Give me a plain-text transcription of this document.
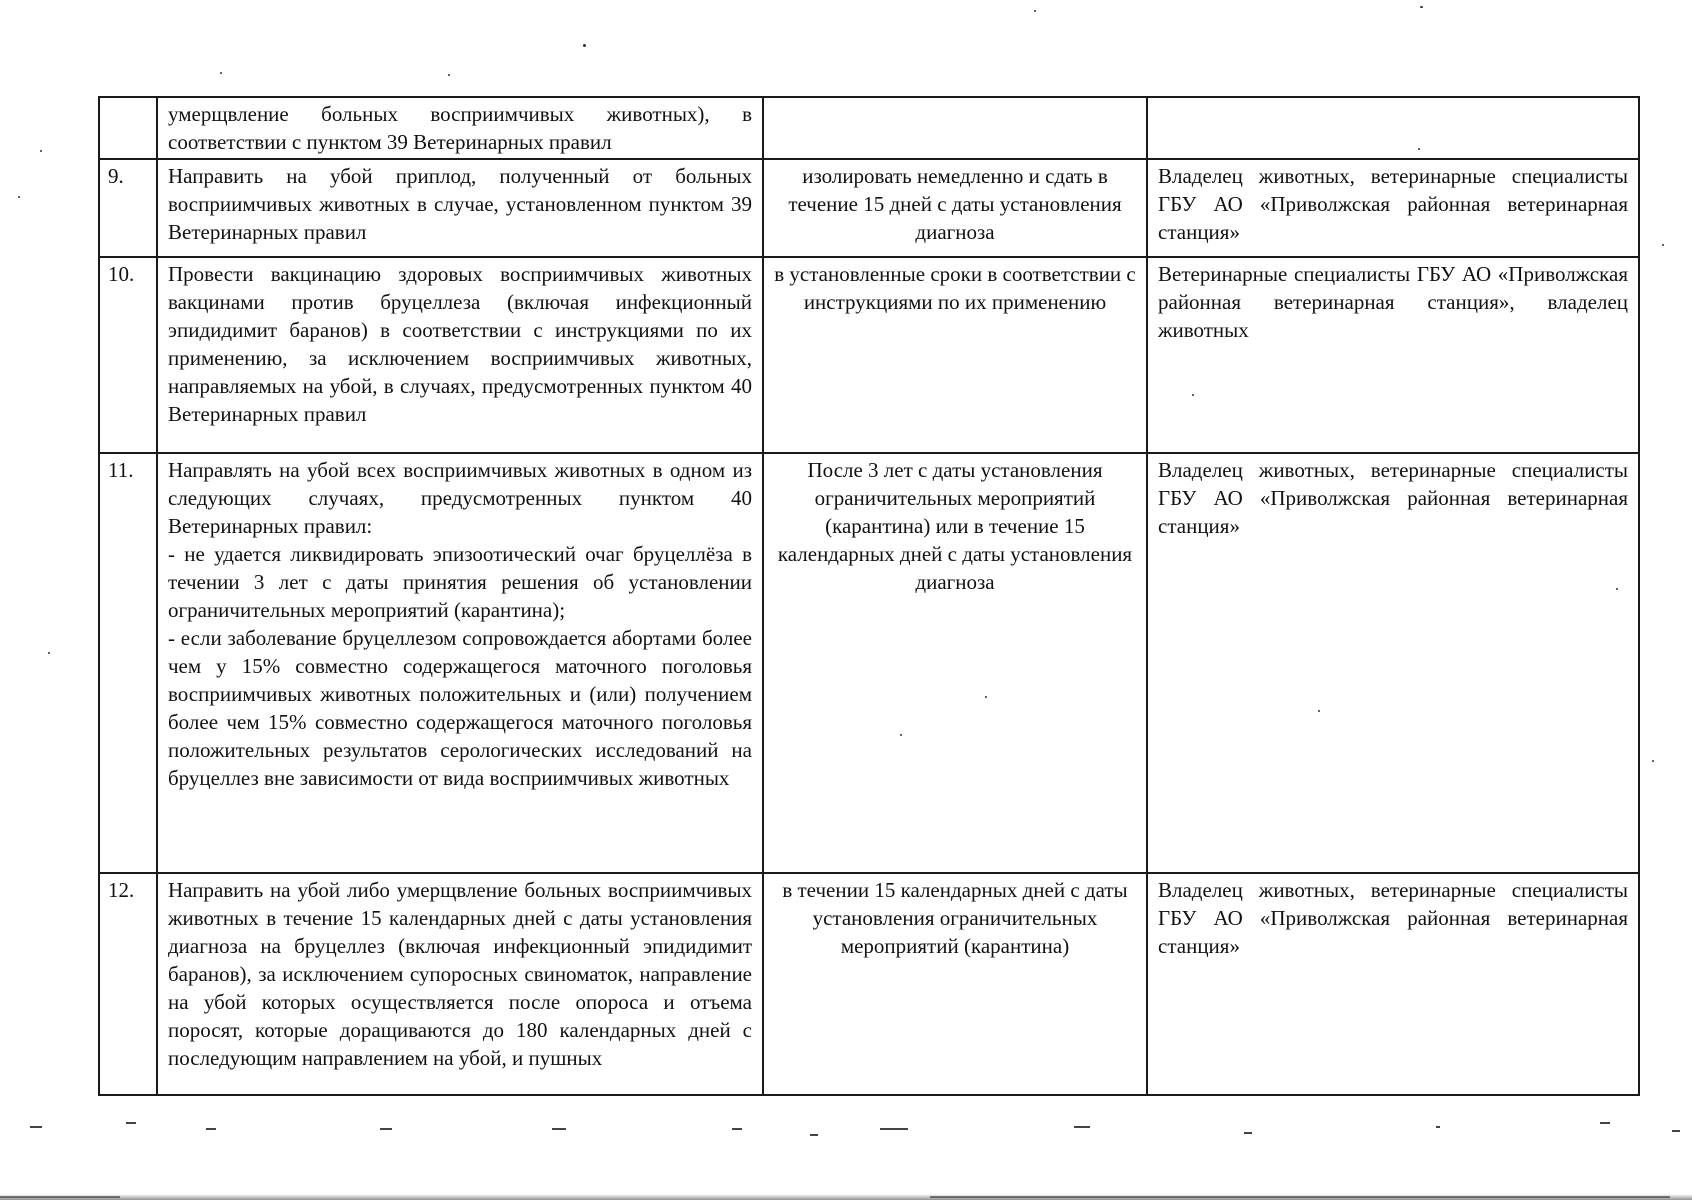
	умерщвление больных восприимчивых животных), в соответствии с пунктом 39 Ветеринарных правил		
9.	Направить на убой приплод, полученный от больных восприимчивых животных в случае, установленном пунктом 39 Ветеринарных правил	изолировать немедленно и сдать в течение 15 дней с даты установления диагноза	Владелец животных, ветеринарные специалисты ГБУ АО «Приволжская районная ветеринарная станция»
10.	Провести вакцинацию здоровых восприимчивых животных вакцинами против бруцеллеза (включая инфекционный эпидидимит баранов) в соответствии с инструкциями по их применению, за исключением восприимчивых животных, направляемых на убой, в случаях, предусмотренных пунктом 40 Ветеринарных правил	в установленные сроки в соответствии с инструкциями по их применению	Ветеринарные специалисты ГБУ АО «Приволжская районная ветеринарная станция», владелец животных
11.	Направлять на убой всех восприимчивых животных в одном из следующих случаях, предусмотренных пунктом 40 Ветеринарных правил:
- не удается ликвидировать эпизоотический очаг бруцеллёза в течении 3 лет с даты принятия решения об установлении ограничительных мероприятий (карантина);
- если заболевание бруцеллезом сопровождается абортами более чем у 15% совместно содержащегося маточного поголовья восприимчивых животных положительных и (или) получением более чем 15% совместно содержащегося маточного поголовья положительных результатов серологических исследований на бруцеллез вне зависимости от вида восприимчивых животных	После 3 лет с даты установления ограничительных мероприятий (карантина) или в течение 15 календарных дней с даты установления диагноза	Владелец животных, ветеринарные специалисты ГБУ АО «Приволжская районная ветеринарная станция»
12.	Направить на убой либо умерщвление больных восприимчивых животных в течение 15 календарных дней с даты установления диагноза на бруцеллез (включая инфекционный эпидидимит баранов), за исключением супоросных свиноматок, направление на убой которых осуществляется после опороса и отъема поросят, которые доращиваются до 180 календарных дней с последующим направлением на убой, и пушных	в течении 15 календарных дней с даты установления ограничительных мероприятий (карантина)	Владелец животных, ветеринарные специалисты ГБУ АО «Приволжская районная ветеринарная станция»
